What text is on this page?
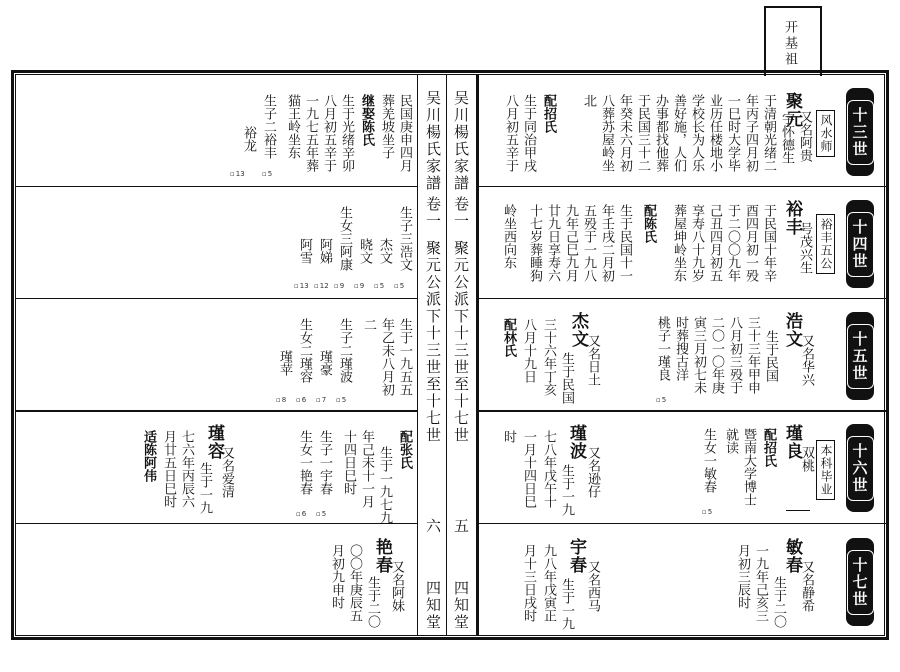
开基祖
吴川楊氏家譜
卷一
聚元公派下十三世至十七世
五
四知堂
吴川楊氏家譜
卷一
聚元公派下十三世至十七世
六
四知堂
十三世
十四世
十五世
十六世
十七世
风水师
裕丰五公
本科毕业
聚元
又名阿贵
字怀德生
于清朝光绪二
年丙子四月初
一巳时大学毕
业历任楼地小
学校长为人乐
善好施，人们
办事都找他葬
于民国三十二
年癸未六月初
八葬苏屋岭坐
北
配招氏
生于同治甲戌
八月初五辛于
裕丰
号茂兴生
于民国十年辛
酉四月初一殁
于二〇〇九年
己丑四月初五
享寿八十九岁
葬屋坤岭坐东
配陈氏
生于民国十一
年壬戌二月初
五殁于一九八
九年己巳九月
廿九日享寿六
十七岁葬睡狗
岭坐西向东
浩文
又名华兴
生于民国
三十三年甲申
八月初三殁于
二〇一〇年庚
寅三月初七未
时葬搜古洋
桃子一瑾良
▫ 5
杰文
又名日土
生于民国
三十六年丁亥
八月十九日
配林氏
瑾良
双桃
配招氏
暨南大学博士
就读
生女一敏春
▫ 5
瑾波
又名逊仔
生于一九
七八年戊午十
一月十四日巳
时
敏春
又名静希
生于二〇
一九年己亥三
月初三辰时
宇春
又名西马
生于一九
九八年戊寅正
月十三日戌时
民国庚申四月
葬羌坡坐子
继娶陈氏
生于光绪辛卯
八月初五辛于
一九七五年葬
猫王岭坐东
生子二裕丰
裕龙
▫ 5
▫ 13
生子三浩文
杰文
晓文
生女三阿康
阿娣
阿雪
▫ 5
▫ 5
▫ 9
▫ 9
▫ 12
▫ 13
生于一九五五
年乙未八月初
二
生子二瑾波
瑾豪
生女二瑾容
瑾苹
▫ 5
▫ 7
▫ 6
▫ 8
配张氏
生于一九七九
年己未十一月
十四日巳时
生子一宇春
生女一艳春
▫ 5
▫ 6
瑾容
又名爱清
生于一九
七六年丙辰六
月廿五日巳时
适陈阿伟
艳春
又名阿妹
生于二〇
〇〇年庚辰五
月初九申时
